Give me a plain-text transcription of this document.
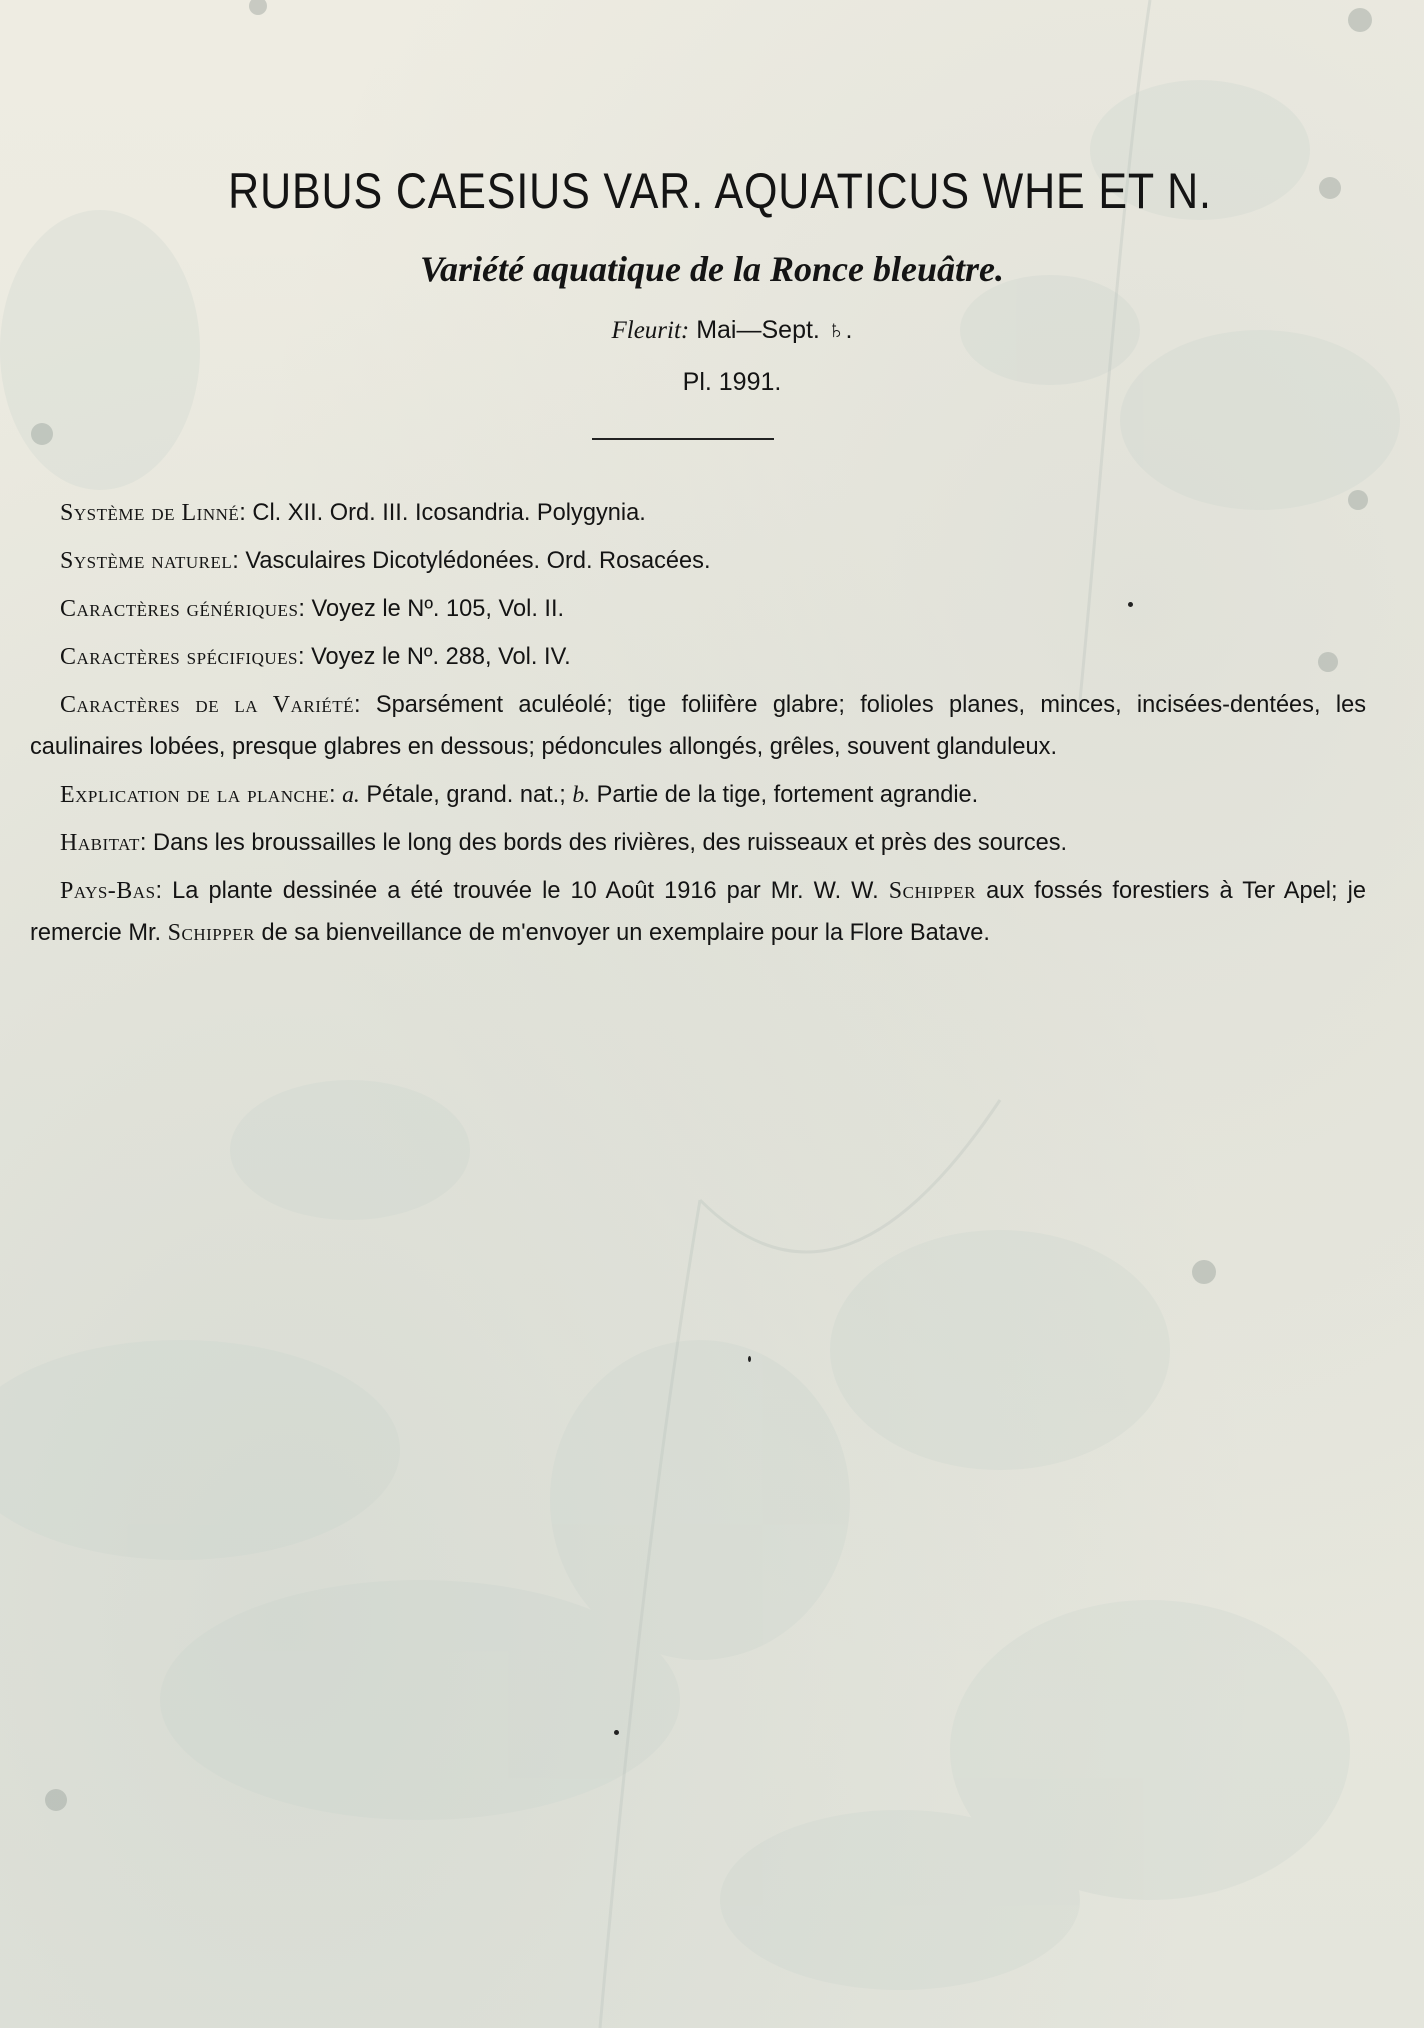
RUBUS CAESIUS VAR. AQUATICUS WHE ET N.
Variété aquatique de la Ronce bleuâtre.
Fleurit: Mai—Sept. ♄.
Pl. 1991.

Système de Linné: Cl. XII. Ord. III. Icosandria. Polygynia.

Système naturel: Vasculaires Dicotylédonées. Ord. Rosacées.

Caractères génériques: Voyez le Nº. 105, Vol. II.

Caractères spécifiques: Voyez le Nº. 288, Vol. IV.

Caractères de la Variété: Sparsément aculéolé; tige foliifère glabre; folioles planes, minces, incisées-dentées, les caulinaires lobées, presque glabres en dessous; pédoncules allongés, grêles, souvent glanduleux.

Explication de la planche: a. Pétale, grand. nat.; b. Partie de la tige, fortement agrandie.

Habitat: Dans les broussailles le long des bords des rivières, des ruisseaux et près des sources.

Pays-Bas: La plante dessinée a été trouvée le 10 Août 1916 par Mr. W. W. Schipper aux fossés forestiers à Ter Apel; je remercie Mr. Schipper de sa bienveillance de m'envoyer un exemplaire pour la Flore Batave.
